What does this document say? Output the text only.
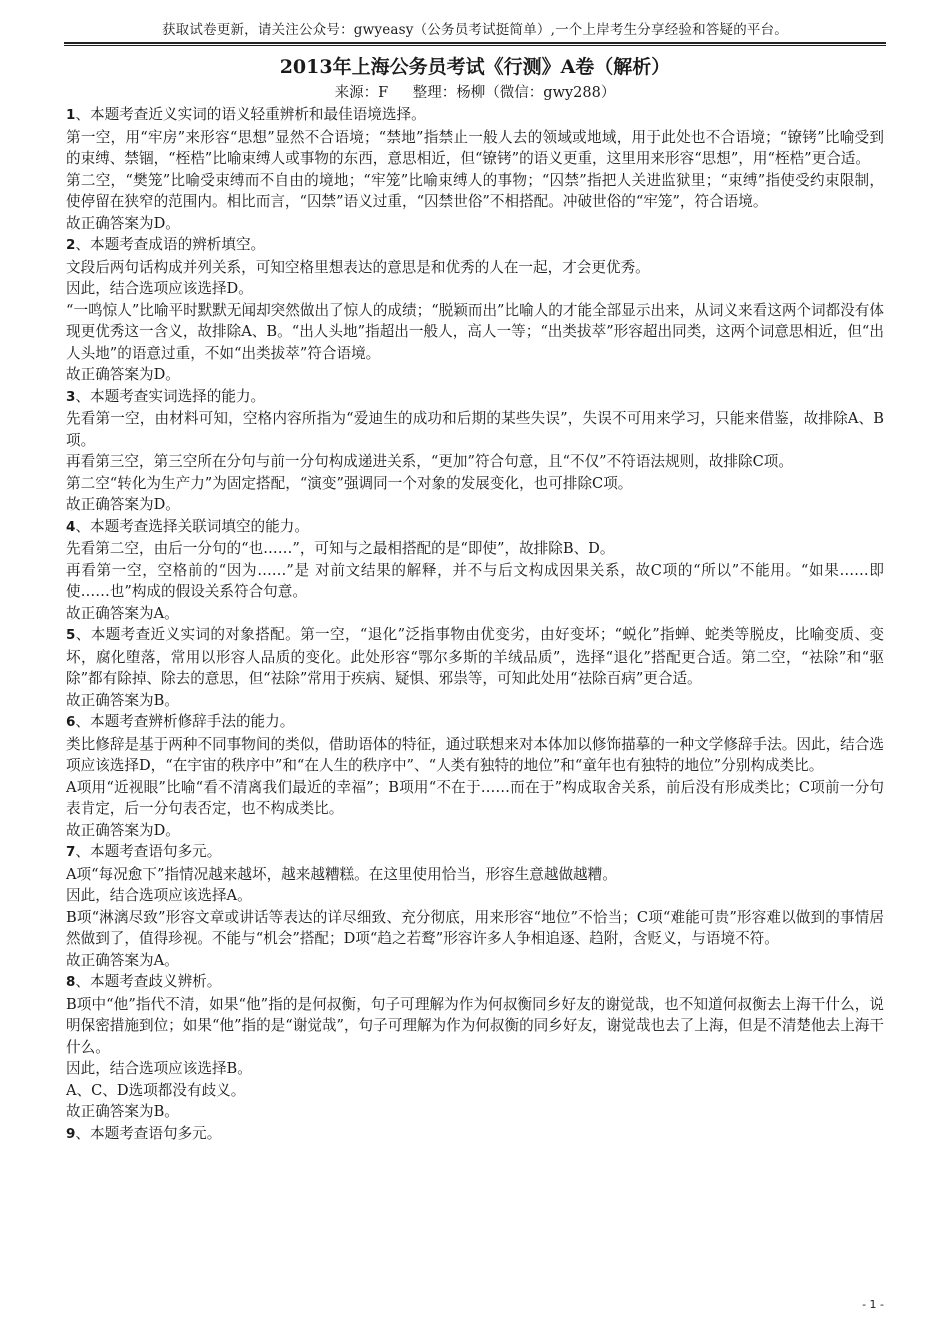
获取试卷更新，请关注公众号：gwyeasy（公务员考试挺简单）,一个上岸考生分享经验和答疑的平台。
2013年上海公务员考试《行测》A卷（解析）
来源：F 整理：杨柳（微信：gwy288）

1、本题考查近义实词的语义轻重辨析和最佳语境选择。

第一空，用“牢房”来形容“思想”显然不合语境；“禁地”指禁止一般人去的领域或地域，用于此处也不合语境；“镣铐”比喻受到的束缚、禁锢，“桎梏”比喻束缚人或事物的东西，意思相近，但“镣铐”的语义更重，这里用来形容“思想”，用“桎梏”更合适。

第二空，“樊笼”比喻受束缚而不自由的境地；“牢笼”比喻束缚人的事物；“囚禁”指把人关进监狱里；“束缚”指使受约束限制，使停留在狭窄的范围内。相比而言，“囚禁”语义过重，“囚禁世俗”不相搭配。冲破世俗的“牢笼”，符合语境。

故正确答案为D。

2、本题考查成语的辨析填空。

文段后两句话构成并列关系，可知空格里想表达的意思是和优秀的人在一起，才会更优秀。

因此，结合选项应该选择D。

“一鸣惊人”比喻平时默默无闻却突然做出了惊人的成绩；“脱颖而出”比喻人的才能全部显示出来，从词义来看这两个词都没有体现更优秀这一含义，故排除A、B。“出人头地”指超出一般人，高人一等；“出类拔萃”形容超出同类，这两个词意思相近，但“出人头地”的语意过重，不如“出类拔萃”符合语境。

故正确答案为D。

3、本题考查实词选择的能力。

先看第一空，由材料可知，空格内容所指为“爱迪生的成功和后期的某些失误”，失误不可用来学习，只能来借鉴，故排除A、B项。

再看第三空，第三空所在分句与前一分句构成递进关系，“更加”符合句意，且“不仅”不符语法规则，故排除C项。

第二空“转化为生产力”为固定搭配，“演变”强调同一个对象的发展变化，也可排除C项。

故正确答案为D。

4、本题考查选择关联词填空的能力。

先看第二空，由后一分句的“也……”，可知与之最相搭配的是“即使”，故排除B、D。

再看第一空，空格前的“因为……”是 对前文结果的解释，并不与后文构成因果关系，故C项的“所以”不能用。“如果……即使……也”构成的假设关系符合句意。

故正确答案为A。

5、本题考查近义实词的对象搭配。第一空，“退化”泛指事物由优变劣，由好变坏；“蜕化”指蝉、蛇类等脱皮，比喻变质、变坏，腐化堕落，常用以形容人品质的变化。此处形容“鄂尔多斯的羊绒品质”，选择“退化”搭配更合适。第二空，“祛除”和“驱除”都有除掉、除去的意思，但“祛除”常用于疾病、疑惧、邪祟等，可知此处用“祛除百病”更合适。

故正确答案为B。

6、本题考查辨析修辞手法的能力。

类比修辞是基于两种不同事物间的类似，借助语体的特征，通过联想来对本体加以修饰描摹的一种文学修辞手法。因此，结合选项应该选择D，“在宇宙的秩序中”和“在人生的秩序中”、“人类有独特的地位”和“童年也有独特的地位”分别构成类比。

A项用“近视眼”比喻“看不清离我们最近的幸福”；B项用“不在于……而在于”构成取舍关系，前后没有形成类比；C项前一分句表肯定，后一分句表否定，也不构成类比。

故正确答案为D。

7、本题考查语句多元。

A项“每况愈下”指情况越来越坏，越来越糟糕。在这里使用恰当，形容生意越做越糟。

因此，结合选项应该选择A。

B项“淋漓尽致”形容文章或讲话等表达的详尽细致、充分彻底，用来形容“地位”不恰当；C项“难能可贵”形容难以做到的事情居然做到了，值得珍视。不能与“机会”搭配；D项“趋之若鹜”形容许多人争相追逐、趋附，含贬义，与语境不符。

故正确答案为A。

8、本题考查歧义辨析。

B项中“他”指代不清，如果“他”指的是何叔衡，句子可理解为作为何叔衡同乡好友的谢觉哉，也不知道何叔衡去上海干什么，说明保密措施到位；如果“他”指的是“谢觉哉”，句子可理解为作为何叔衡的同乡好友，谢觉哉也去了上海，但是不清楚他去上海干什么。

因此，结合选项应该选择B。

A、C、D选项都没有歧义。

故正确答案为B。

9、本题考查语句多元。

- 1 -
